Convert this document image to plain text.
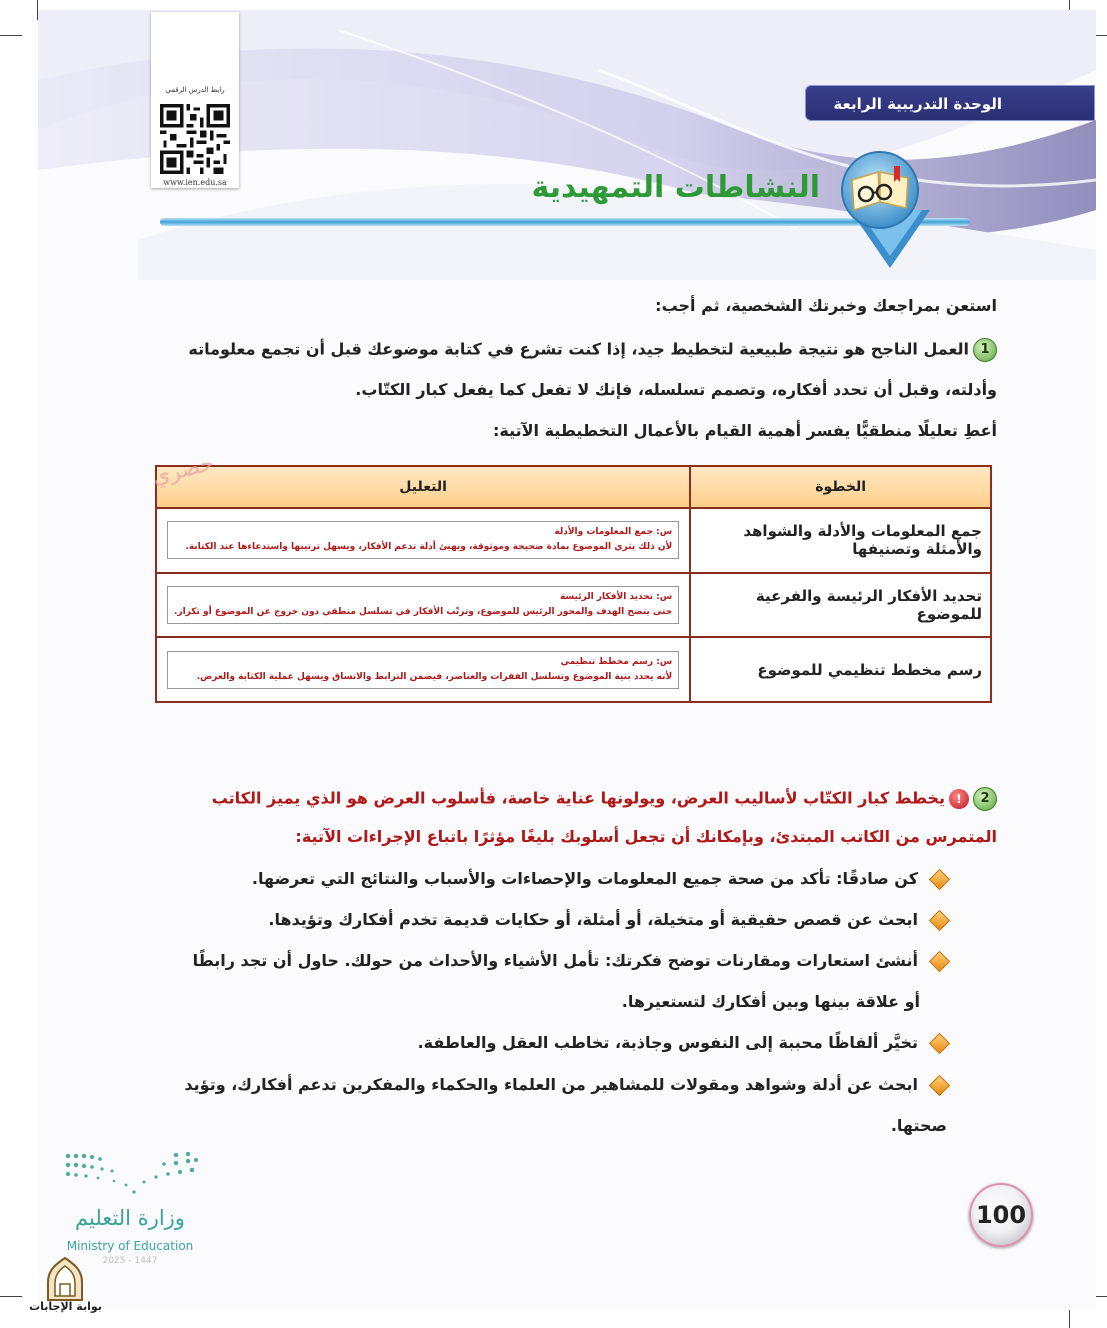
رابط الدرس الرقمي
www.ien.edu.sa
الوحدة التدريبية الرابعة
النشاطات التمهيدية
استعن بمراجعك وخبرتك الشخصية، ثم أجب:
1العمل الناجح هو نتيجة طبيعية لتخطيط جيد، إذا كنت تشرع في كتابة موضوعك قبل أن تجمع معلوماته
وأدلته، وقبل أن تحدد أفكاره، وتصمم تسلسله، فإنك لا تفعل كما يفعل كبار الكتّاب.
أعطِ تعليلًا منطقيًّا يفسر أهمية القيام بالأعمال التخطيطية الآتية:
الخطوة	التعليل
جمع المعلومات والأدلة والشواهد والأمثلة وتصنيفها	س: جمع المعلومات والأدلة
لأن ذلك يثري الموضوع بمادة صحيحة وموثوقة، ويهيئ أدلة تدعم الأفكار، ويسهل ترتيبها واستدعاءها عند الكتابة.

تحديد الأفكار الرئيسة والفرعية للموضوع	س: تحديد الأفكار الرئيسة
حتى يتضح الهدف والمحور الرئيس للموضوع، وترتّب الأفكار في تسلسل منطقي دون خروج عن الموضوع أو تكرار.

رسم مخطط تنظيمي للموضوع	س: رسم مخطط تنظيمي
لأنه يحدد بنية الموضوع وتسلسل الفقرات والعناصر، فيضمن الترابط والاتساق ويسهل عملية الكتابة والعرض.
حصري
2!يخطط كبار الكتّاب لأساليب العرض، ويولونها عناية خاصة، فأسلوب العرض هو الذي يميز الكاتب
المتمرس من الكاتب المبتدئ، وبإمكانك أن تجعل أسلوبك بليغًا مؤثرًا باتباع الإجراءات الآتية:
كن صادقًا: تأكد من صحة جميع المعلومات والإحصاءات والأسباب والنتائج التي تعرضها.
ابحث عن قصص حقيقية أو متخيلة، أو أمثلة، أو حكايات قديمة تخدم أفكارك وتؤيدها.
أنشئ استعارات ومقارنات توضح فكرتك: تأمل الأشياء والأحداث من حولك. حاول أن تجد رابطًا
أو علاقة بينها وبين أفكارك لتستعيرها.
تخيَّر ألفاظًا محببة إلى النفوس وجاذبة، تخاطب العقل والعاطفة.
ابحث عن أدلة وشواهد ومقولات للمشاهير من العلماء والحكماء والمفكرين تدعم أفكارك، وتؤيد
صحتها.
100
وزارة التعليم
Ministry of Education
2025 - 1447
بوابة الإجابات
